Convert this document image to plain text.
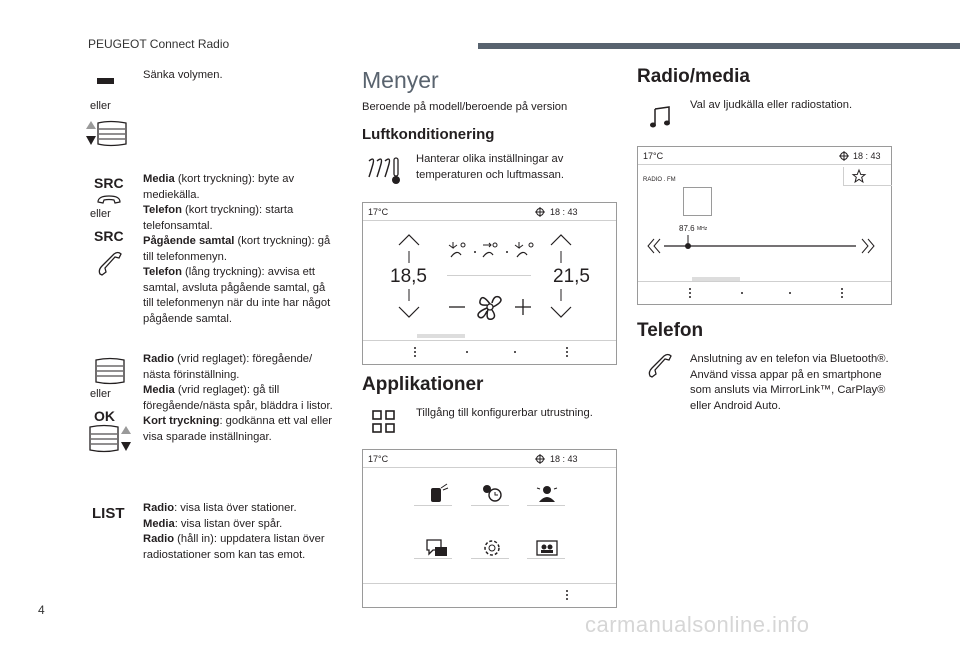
PEUGEOT Connect Radio
4
carmanualsonline.info
eller
Sänka volymen.
SRC
eller
SRC
Media (kort tryckning): byte av mediekälla.
Telefon (kort tryckning): starta telefonsamtal.
Pågående samtal (kort tryckning): gå till telefonmenyn.
Telefon (lång tryckning): avvisa ett samtal, avsluta pågående samtal, gå till telefonmenyn när du inte har något pågående samtal.
eller
OK
Radio (vrid reglaget): föregående/ nästa förinställning.
Media (vrid reglaget): gå till föregående/nästa spår, bläddra i listor.
Kort tryckning: godkänna ett val eller visa sparade inställningar.
LIST Radio: visa lista över stationer.
Media: visa listan över spår.
Radio (håll in): uppdatera listan över radiostationer som kan tas emot.
Menyer
Beroende på modell/beroende på version
Luftkonditionering
Hanterar olika inställningar av temperaturen och luftmassan.
17°C	18 : 43
18,5	21,5
Applikationer
Tillgång till konfigurerbar utrustning.
17°C	18 : 43
Radio/media
Val av ljudkälla eller radiostation.
17°C	18 : 43
RADIO . FM
87.6 MHz
Telefon
Anslutning av en telefon via Bluetooth®.
Använd vissa appar på en smartphone som ansluts via MirrorLink™, CarPlay® eller Android Auto.
